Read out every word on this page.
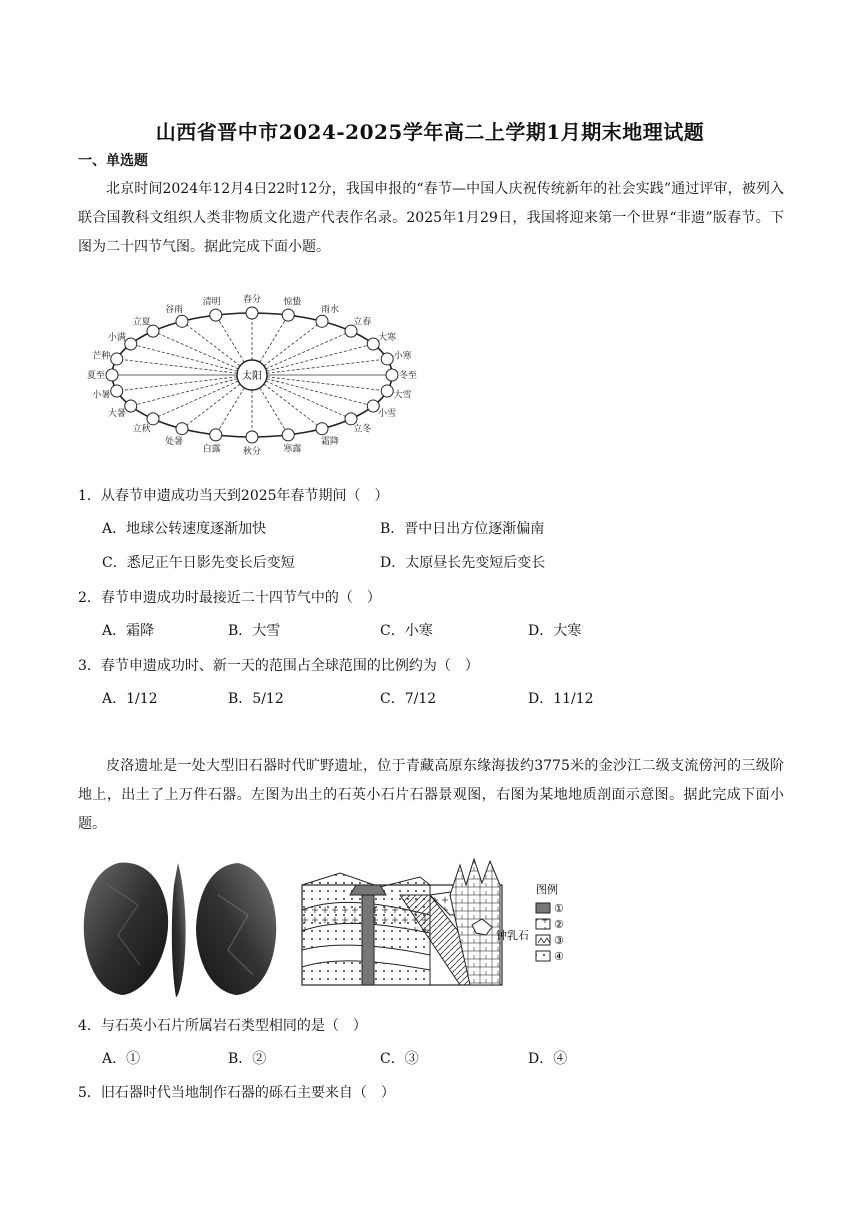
山西省晋中市2024-2025学年高二上学期1月期末地理试题
一、单选题
北京时间2024年12月4日22时12分，我国申报的“春节—中国人庆祝传统新年的社会实践”通过评审，被列入联合国教科文组织人类非物质文化遗产代表作名录。2025年1月29日，我国将迎来第一个世界“非遗”版春节。下图为二十四节气图。据此完成下面小题。
太阳
夏至	冬至
芒种
小满
立夏
谷雨
清明 春分 惊蛰
雨水
立春
大寒
小寒
小暑
大暑
立秋
处暑
白露 秋分 寒露
霜降
立冬
小雪
大雪
1．从春节申遗成功当天到2025年春节期间（　）
A．地球公转速度逐渐加快	B．晋中日出方位逐渐偏南
C．悉尼正午日影先变长后变短	D．太原昼长先变短后变长
2．春节申遗成功时最接近二十四节气中的（　）
A．霜降	B．大雪	C．小寒	D．大寒
3．春节申遗成功时、新一天的范围占全球范围的比例约为（　）
A．1/12	B．5/12	C．7/12	D．11/12
皮洛遗址是一处大型旧石器时代旷野遗址，位于青藏高原东缘海拔约3775米的金沙江二级支流傍河的三级阶地上，出土了上万件石器。左图为出土的石英小石片石器景观图，右图为某地地质剖面示意图。据此完成下面小题。
钟乳石
图例
①
②
③
④
4．与石英小石片所属岩石类型相同的是（　）
A．①	B．②	C．③	D．④
5．旧石器时代当地制作石器的砾石主要来自（　）
